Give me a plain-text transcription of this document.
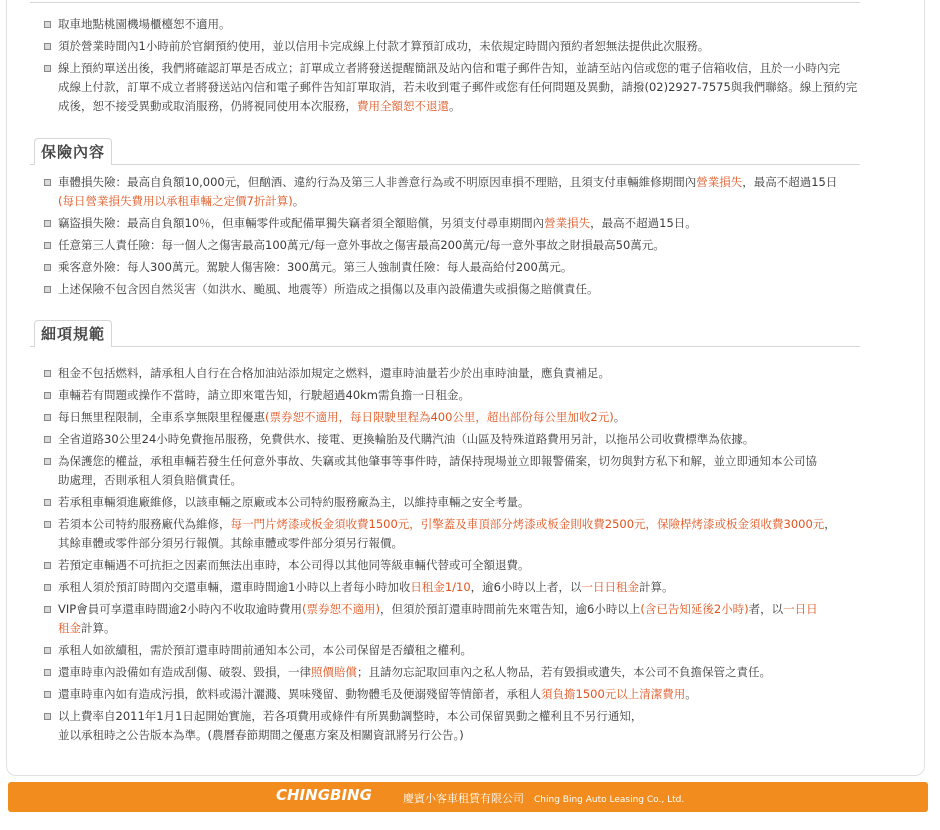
取車地點桃園機場櫃檯恕不適用。
須於營業時間內1小時前於官網預約使用，並以信用卡完成線上付款才算預訂成功，未依規定時間內預約者恕無法提供此次服務。
線上預約單送出後，我們將確認訂單是否成立；訂單成立者將發送提醒簡訊及站內信和電子郵件告知，並請至站內信或您的電子信箱收信，且於一小時內完
成線上付款，訂單不成立者將發送站內信和電子郵件告知訂單取消，若未收到電子郵件或您有任何問題及異動，請撥(02)2927-7575與我們聯絡。線上預約完
成後，恕不接受異動或取消服務，仍將視同使用本次服務，費用全額恕不退還。
保險內容
車體損失險：最高自負額10,000元，但酗酒、違約行為及第三人非善意行為或不明原因車損不理賠，且須支付車輛維修期間內營業損失，最高不超過15日
(每日營業損失費用以承租車輛之定價7折計算)。
竊盜損失險：最高自負額10％，但車輛零件或配備單獨失竊者須全額賠償，另須支付尋車期間內營業損失，最高不超過15日。
任意第三人責任險：每一個人之傷害最高100萬元/每一意外事故之傷害最高200萬元/每一意外事故之財損最高50萬元。
乘客意外險：每人300萬元。駕駛人傷害險：300萬元。第三人強制責任險：每人最高給付200萬元。
上述保險不包含因自然災害（如洪水、颱風、地震等）所造成之損傷以及車內設備遺失或損傷之賠償責任。
細項規範
租金不包括燃料，請承租人自行在合格加油站添加規定之燃料，還車時油量若少於出車時油量，應負責補足。
車輛若有問題或操作不當時，請立即來電告知，行駛超過40km需負擔一日租金。
每日無里程限制，全車系享無限里程優惠(票券恕不適用，每日限駛里程為400公里，超出部份每公里加收2元)。
全省道路30公里24小時免費拖吊服務，免費供水、接電、更換輪胎及代購汽油（山區及特殊道路費用另計，以拖吊公司收費標準為依據。
為保護您的權益，承租車輛若發生任何意外事故、失竊或其他肇事等事件時，請保持現場並立即報警備案，切勿與對方私下和解，並立即通知本公司協
助處理，否則承租人須負賠償責任。
若承租車輛須進廠維修，以該車輛之原廠或本公司特約服務廠為主，以維持車輛之安全考量。
若須本公司特約服務廠代為維修，每一門片烤漆或板金須收費1500元，引擎蓋及車頂部分烤漆或板金則收費2500元，保險桿烤漆或板金須收費3000元，
其餘車體或零件部分須另行報價。其餘車體或零件部分須另行報價。
若預定車輛遇不可抗拒之因素而無法出車時，本公司得以其他同等級車輛代替或可全額退費。
承租人須於預訂時間內交還車輛，還車時間逾1小時以上者每小時加收日租金1/10，逾6小時以上者，以一日日租金計算。
VIP會員可享還車時間逾2小時內不收取逾時費用(票券恕不適用)，但須於預訂還車時間前先來電告知，逾6小時以上(含已告知延後2小時)者，以一日日
租金計算。
承租人如欲續租，需於預訂還車時間前通知本公司，本公司保留是否續租之權利。
還車時車內設備如有造成刮傷、破裂、毀損，一律照價賠償；且請勿忘記取回車內之私人物品，若有毀損或遺失，本公司不負擔保管之責任。
還車時車內如有造成污損，飲料或湯汁灑濺、異味殘留、動物體毛及便溺殘留等情節者，承租人須負擔1500元以上清潔費用。
以上費率自2011年1月1日起開始實施，若各項費用或條件有所異動調整時，本公司保留異動之權利且不另行通知，
並以承租時之公告版本為準。(農曆春節期間之優惠方案及相關資訊將另行公告。)
CHINGBING	慶賓小客車租賃有限公司 Ching Bing Auto Leasing Co., Ltd.
